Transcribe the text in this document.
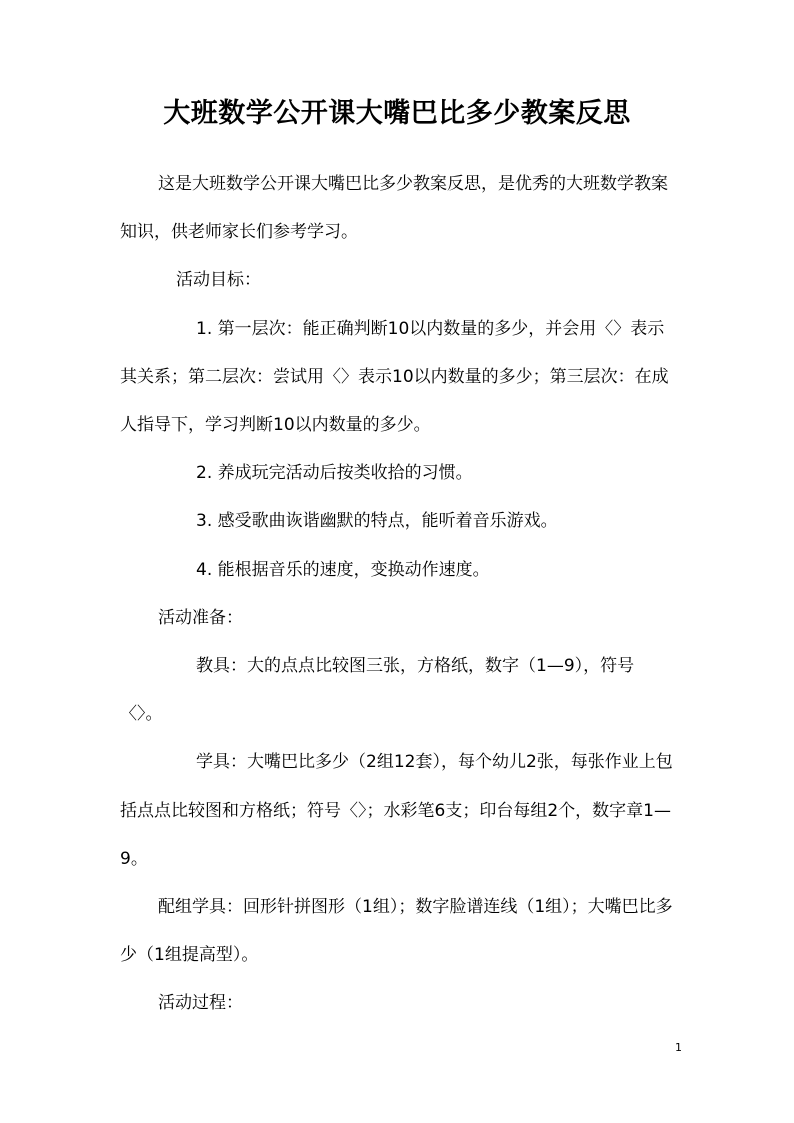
大班数学公开课大嘴巴比多少教案反思

这是大班数学公开课大嘴巴比多少教案反思，是优秀的大班数学教案知识，供老师家长们参考学习。

活动目标：

1. 第一层次：能正确判断10以内数量的多少，并会用〈〉表示其关系；第二层次：尝试用〈〉表示10以内数量的多少；第三层次：在成人指导下，学习判断10以内数量的多少。

2. 养成玩完活动后按类收拾的习惯。

3. 感受歌曲诙谐幽默的特点，能听着音乐游戏。

4. 能根据音乐的速度，变换动作速度。

活动准备：

教具：大的点点比较图三张，方格纸，数字（1—9），符号〈〉。

学具：大嘴巴比多少（2组12套），每个幼儿2张，每张作业上包括点点比较图和方格纸；符号〈〉；水彩笔6支；印台每组2个，数字章1—9。

配组学具：回形针拼图形（1组）；数字脸谱连线（1组）；大嘴巴比多少（1组提高型）。

活动过程：

1
